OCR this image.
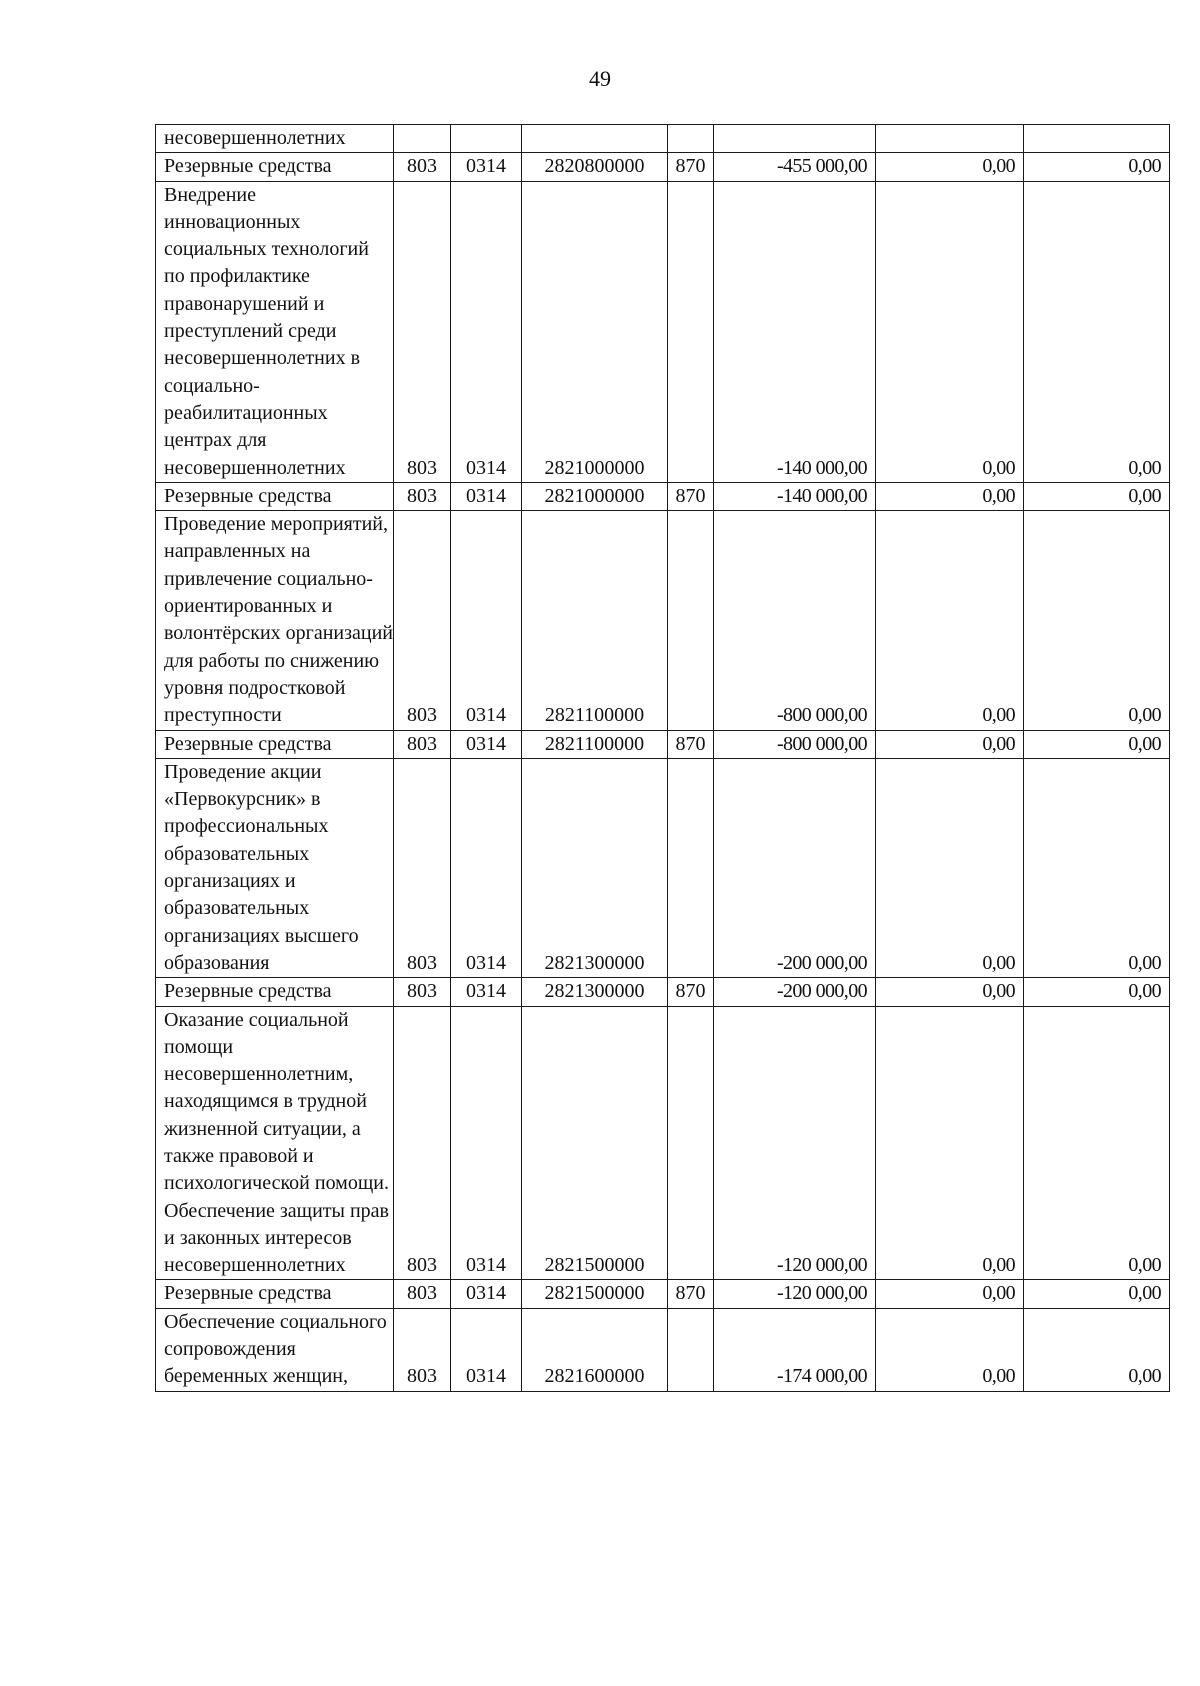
49
несовершеннолетних							
Резервные средства	803	0314	2820800000	870	-455 000,00	0,00	0,00
Внедрение инновационных социальных технологий по профилактике правонарушений и преступлений среди несовершеннолетних в социально-реабилитационных центрах для несовершеннолетних	803	0314	2821000000		-140 000,00	0,00	0,00
Резервные средства	803	0314	2821000000	870	-140 000,00	0,00	0,00
Проведение мероприятий, направленных на привлечение социально-ориентированных и волонтёрских организаций для работы по снижению уровня подростковой преступности	803	0314	2821100000		-800 000,00	0,00	0,00
Резервные средства	803	0314	2821100000	870	-800 000,00	0,00	0,00
Проведение акции «Первокурсник» в профессиональных образовательных организациях и образовательных организациях высшего образования	803	0314	2821300000		-200 000,00	0,00	0,00
Резервные средства	803	0314	2821300000	870	-200 000,00	0,00	0,00
Оказание социальной помощи несовершеннолетним, находящимся в трудной жизненной ситуации, а также правовой и психологической помощи. Обеспечение защиты прав и законных интересов несовершеннолетних	803	0314	2821500000		-120 000,00	0,00	0,00
Резервные средства	803	0314	2821500000	870	-120 000,00	0,00	0,00
Обеспечение социального сопровождения беременных женщин,	803	0314	2821600000		-174 000,00	0,00	0,00
